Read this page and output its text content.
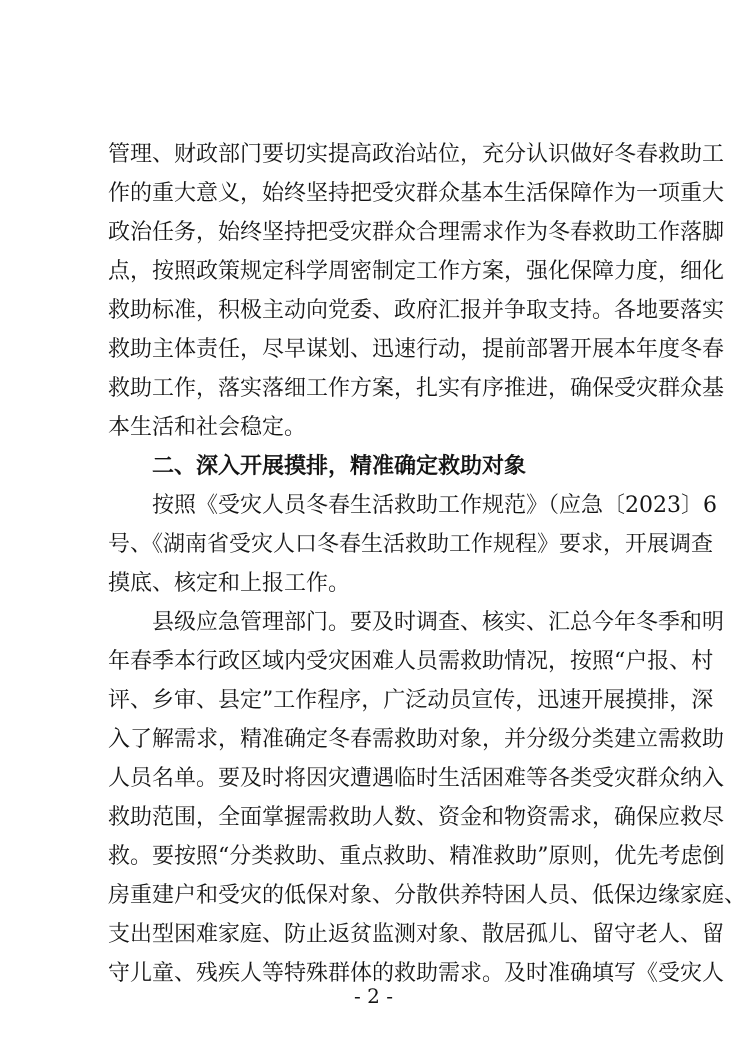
管理、财政部门要切实提高政治站位，充分认识做好冬春救助工
作的重大意义，始终坚持把受灾群众基本生活保障作为一项重大
政治任务，始终坚持把受灾群众合理需求作为冬春救助工作落脚
点，按照政策规定科学周密制定工作方案，强化保障力度，细化
救助标准，积极主动向党委、政府汇报并争取支持。各地要落实
救助主体责任，尽早谋划、迅速行动，提前部署开展本年度冬春
救助工作，落实落细工作方案，扎实有序推进，确保受灾群众基
本生活和社会稳定。
二、深入开展摸排，精准确定救助对象
按照《受灾人员冬春生活救助工作规范》（应急〔2023〕6
号、《湖南省受灾人口冬春生活救助工作规程》要求，开展调查
摸底、核定和上报工作。
县级应急管理部门。要及时调查、核实、汇总今年冬季和明
年春季本行政区域内受灾困难人员需救助情况，按照“户报、村
评、乡审、县定”工作程序，广泛动员宣传，迅速开展摸排，深
入了解需求，精准确定冬春需救助对象，并分级分类建立需救助
人员名单。要及时将因灾遭遇临时生活困难等各类受灾群众纳入
救助范围，全面掌握需救助人数、资金和物资需求，确保应救尽
救。要按照“分类救助、重点救助、精准救助”原则，优先考虑倒
房重建户和受灾的低保对象、分散供养特困人员、低保边缘家庭、
支出型困难家庭、防止返贫监测对象、散居孤儿、留守老人、留
守儿童、残疾人等特殊群体的救助需求。及时准确填写《受灾人
- 2 -
